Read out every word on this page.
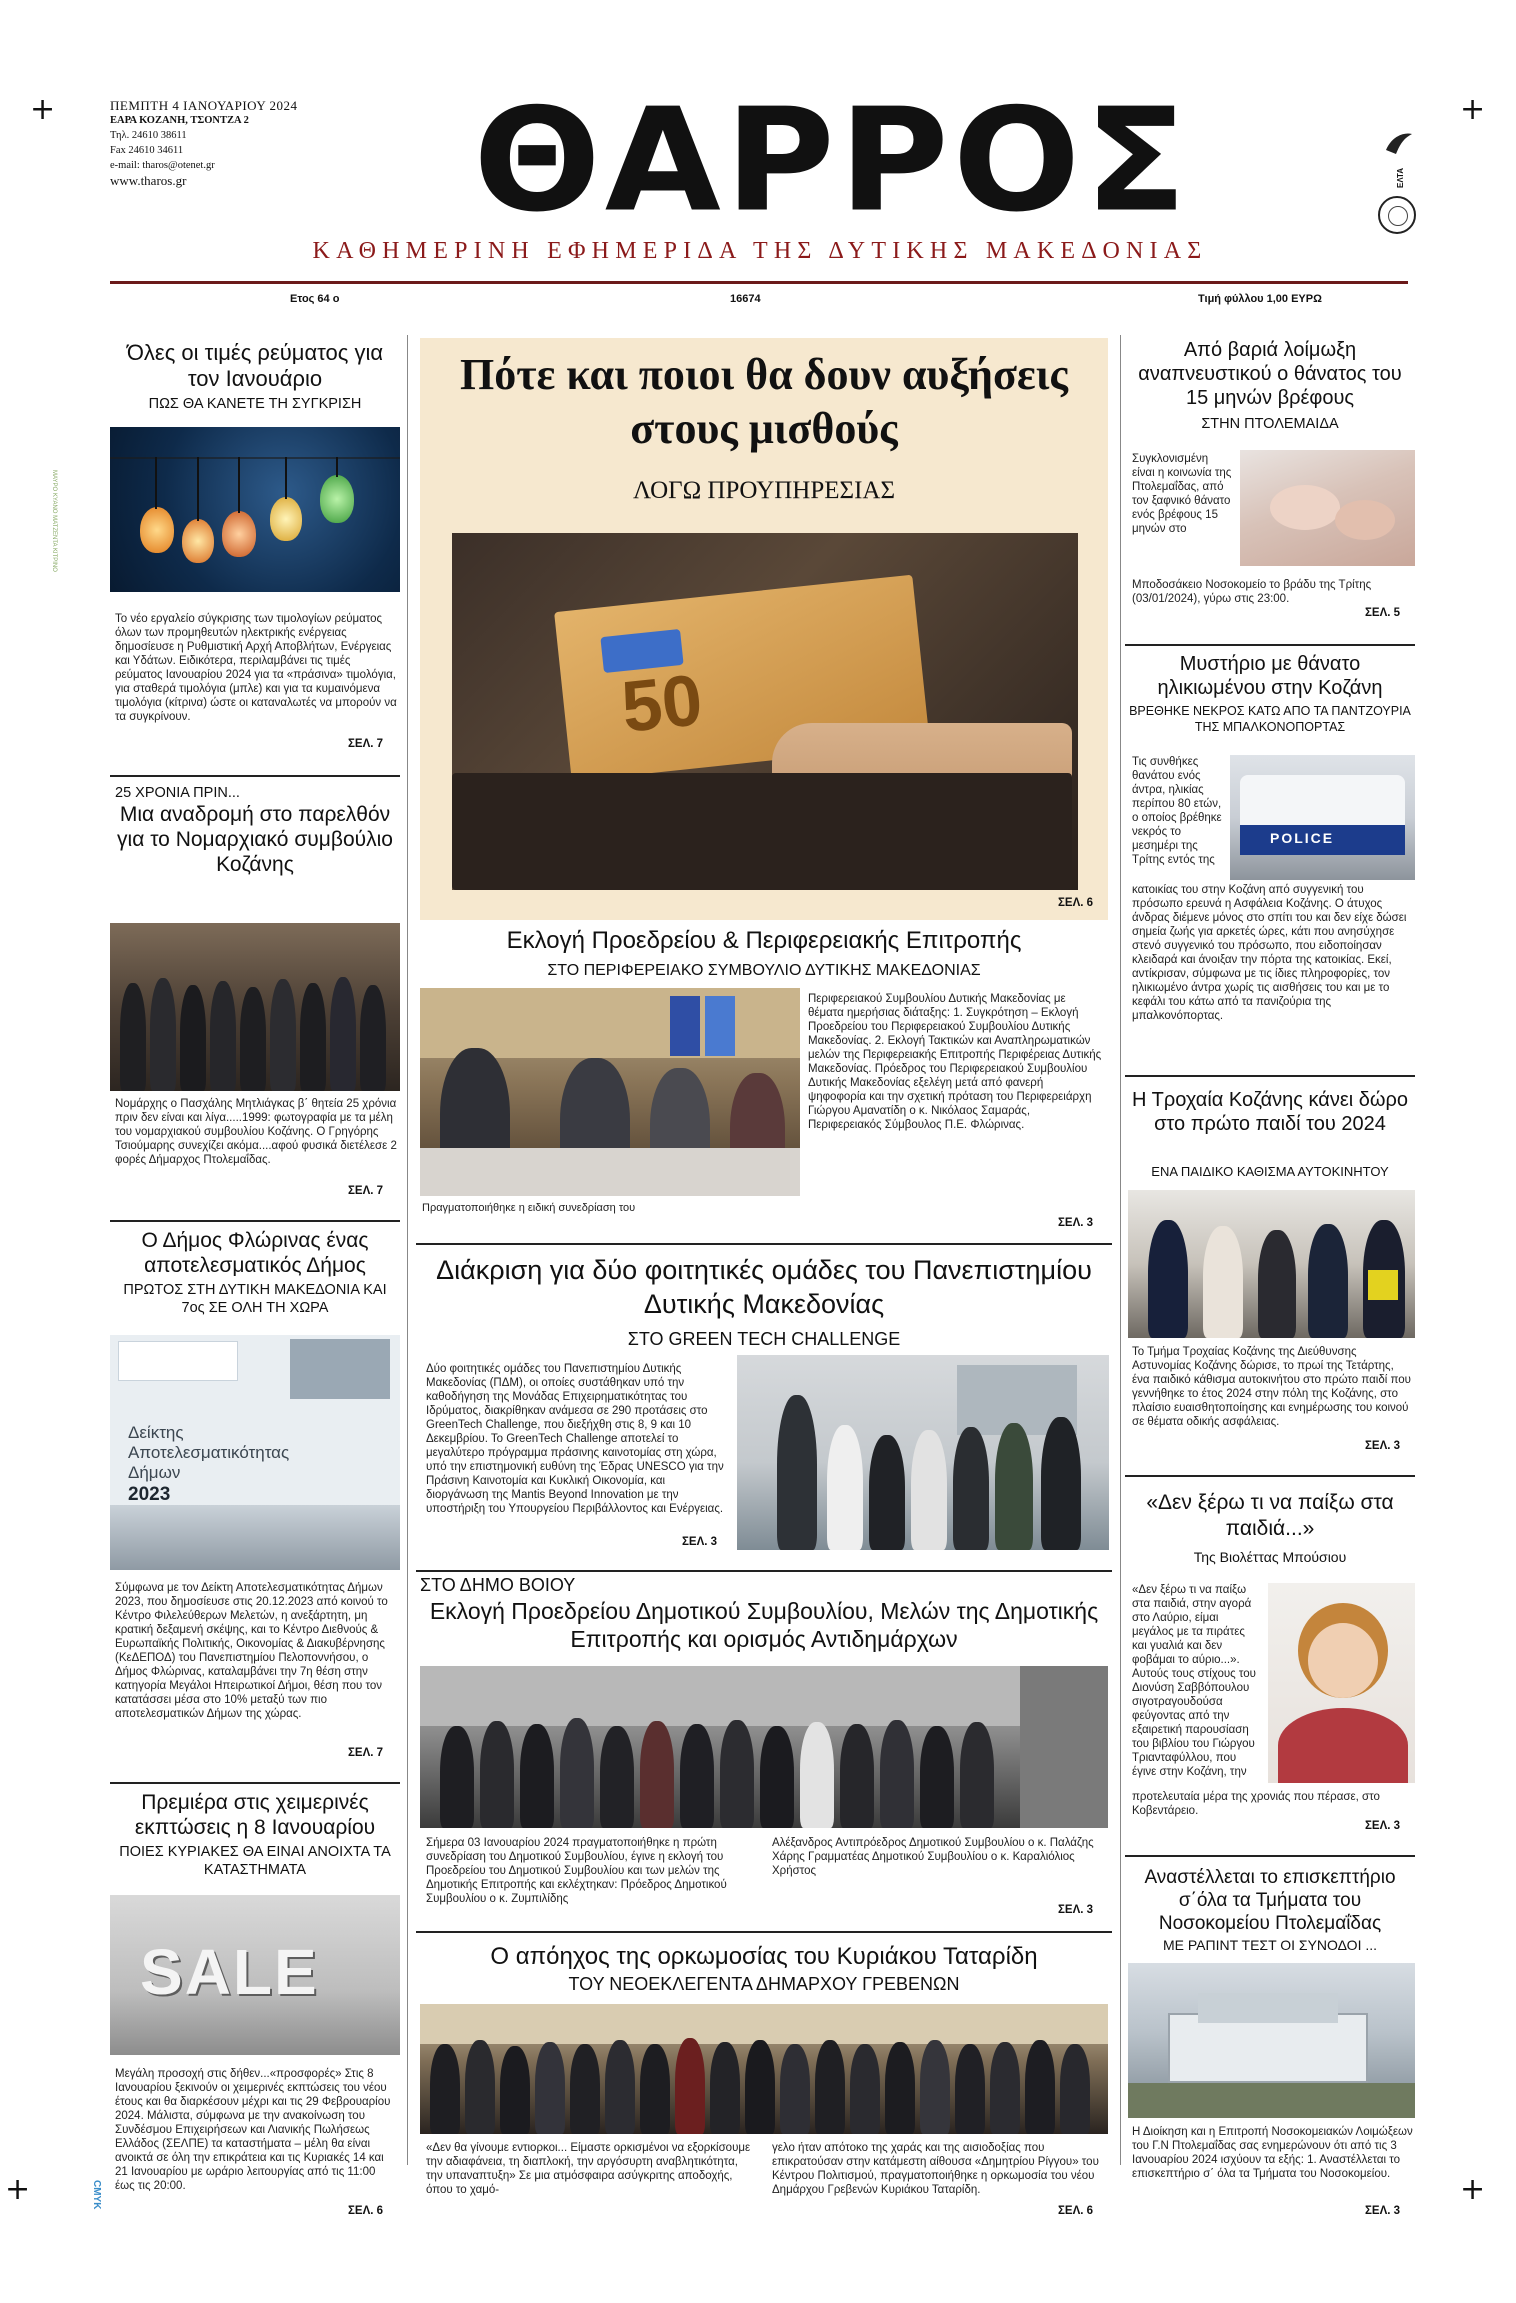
+	+
+	+
ΜΑΥΡΟ ΚΥΑΝΟ ΜΑΤΖΕΝΤΑ ΚΙΤΡΙΝΟ
CMYK
ΠΕΜΠΤΗ 4 ΙΑΝΟΥΑΡΙΟΥ 2024
ΕΑΡΑ ΚΟΖΑΝΗ, ΤΣΟΝΤΖΑ 2
Τηλ. 24610 38611
Fax 24610 34611
e-mail: tharos@otenet.gr
www.tharos.gr	ΘΑΡΡΟΣ	ΕΛΤΑ
ΚΑΘΗΜΕΡΙΝΗ ΕΦΗΜΕΡΙΔΑ ΤΗΣ ΔΥΤΙΚΗΣ ΜΑΚΕΔΟΝΙΑΣ
Ετος 64 ο	16674	Τιμή φύλλου 1,00 ΕΥΡΩ
Όλες οι τιμές ρεύματος για τον Ιανουάριο
ΠΩΣ ΘΑ ΚΑΝΕΤΕ ΤΗ ΣΥΓΚΡΙΣΗ
Το νέο εργαλείο σύγκρισης των τιμολογίων ρεύματος όλων των προμηθευτών ηλεκτρικής ενέργειας δημοσίευσε η Ρυθμιστική Αρχή Αποβλήτων, Ενέργειας και Υδάτων. Ειδικότερα, περιλαμβάνει τις τιμές ρεύματος Ιανουαρίου 2024 για τα «πράσινα» τιμολόγια, για σταθερά τιμολόγια (μπλε) και για τα κυμαινόμενα τιμολόγια (κίτρινα) ώστε οι καταναλωτές να μπορούν να τα συγκρίνουν.
ΣΕΛ. 7
25 ΧΡΟΝΙΑ ΠΡΙΝ...
Μια αναδρομή στο παρελθόν για το Νομαρχιακό συμβούλιο Κοζάνης
Νομάρχης ο Πασχάλης Μητλιάγκας β΄ θητεία 25 χρόνια πριν δεν είναι και λίγα.....1999: φωτογραφία με τα μέλη του νομαρχιακού συμβουλίου Κοζάνης. Ο Γρηγόρης Τσιούμαρης συνεχίζει ακόμα....αφού φυσικά διετέλεσε 2 φορές Δήμαρχος Πτολεμαΐδας.
ΣΕΛ. 7
Ο Δήμος Φλώρινας ένας αποτελεσματικός Δήμος
ΠΡΩΤΟΣ ΣΤΗ ΔΥΤΙΚΗ ΜΑΚΕΔΟΝΙΑ ΚΑΙ 7ος ΣΕ ΟΛΗ ΤΗ ΧΩΡΑ
Δείκτης
Αποτελεσματικότητας
Δήμων
2023
Σύμφωνα με τον Δείκτη Αποτελεσματικότητας Δήμων 2023, που δημοσίευσε στις 20.12.2023 από κοινού το Κέντρο Φιλελεύθερων Μελετών, η ανεξάρτητη, μη κρατική δεξαμενή σκέψης, και το Κέντρο Διεθνούς & Ευρωπαϊκής Πολιτικής, Οικονομίας & Διακυβέρνησης (ΚεΔΕΠΟΔ) του Πανεπιστημίου Πελοποννήσου, ο Δήμος Φλώρινας, καταλαμβάνει την 7η θέση στην κατηγορία Μεγάλοι Ηπειρωτικοί Δήμοι, θέση που τον κατατάσσει μέσα στο 10% μεταξύ των πιο αποτελεσματικών Δήμων της χώρας.
ΣΕΛ. 7
Πρεμιέρα στις χειμερινές εκπτώσεις η 8 Ιανουαρίου
ΠΟΙΕΣ ΚΥΡΙΑΚΕΣ ΘΑ ΕΙΝΑΙ ΑΝΟΙΧΤΑ ΤΑ ΚΑΤΑΣΤΗΜΑΤΑ
SALE
Μεγάλη προσοχή στις δήθεν...«προσφορές» Στις 8 Ιανουαρίου ξεκινούν οι χειμερινές εκπτώσεις του νέου έτους και θα διαρκέσουν μέχρι και τις 29 Φεβρουαρίου 2024. Μάλιστα, σύμφωνα με την ανακοίνωση του Συνδέσμου Επιχειρήσεων και Λιανικής Πωλήσεως Ελλάδος (ΣΕΛΠΕ) τα καταστήματα – μέλη θα είναι ανοικτά σε όλη την επικράτεια και τις Κυριακές 14 και 21 Ιανουαρίου με ωράριο λειτουργίας από τις 11:00 έως τις 20:00.
ΣΕΛ. 6
Πότε και ποιοι θα δουν αυξήσεις στους μισθούς
ΛΟΓΩ ΠΡΟΥΠΗΡΕΣΙΑΣ
50
ΣΕΛ. 6
Εκλογή Προεδρείου & Περιφερειακής Επιτροπής
ΣΤΟ ΠΕΡΙΦΕΡΕΙΑΚΟ ΣΥΜΒΟΥΛΙΟ ΔΥΤΙΚΗΣ ΜΑΚΕΔΟΝΙΑΣ
Πραγματοποιήθηκε η ειδική συνεδρίαση του
Περιφερειακού Συμβουλίου Δυτικής Μακεδονίας με θέματα ημερήσιας διάταξης: 1. Συγκρότηση – Εκλογή Προεδρείου του Περιφερειακού Συμβουλίου Δυτικής Μακεδονίας. 2. Εκλογή Τακτικών και Αναπληρωματικών μελών της Περιφερειακής Επιτροπής Περιφέρειας Δυτικής Μακεδονίας. Πρόεδρος του Περιφερειακού Συμβουλίου Δυτικής Μακεδονίας εξελέγη μετά από φανερή ψηφοφορία και την σχετική πρόταση του Περιφερειάρχη Γιώργου Αμανατίδη ο κ. Νικόλαος Σαμαράς, Περιφερειακός Σύμβουλος Π.Ε. Φλώρινας.
ΣΕΛ. 3
Διάκριση για δύο φοιτητικές ομάδες του Πανεπιστημίου Δυτικής Μακεδονίας
ΣΤΟ GREEN TECH CHALLENGE
Δύο φοιτητικές ομάδες του Πανεπιστημίου Δυτικής Μακεδονίας (ΠΔΜ), οι οποίες συστάθηκαν υπό την καθοδήγηση της Μονάδας Επιχειρηματικότητας του Ιδρύματος, διακρίθηκαν ανάμεσα σε 290 προτάσεις στο GreenTech Challenge, που διεξήχθη στις 8, 9 και 10 Δεκεμβρίου. Το GreenTech Challenge αποτελεί το μεγαλύτερο πρόγραμμα πράσινης καινοτομίας στη χώρα, υπό την επιστημονική ευθύνη της Έδρας UNESCO για την Πράσινη Καινοτομία και Κυκλική Οικονομία, και διοργάνωση της Mantis Beyond Innovation με την υποστήριξη του Υπουργείου Περιβάλλοντος και Ενέργειας.
ΣΕΛ. 3
ΣΤΟ ΔΗΜΟ ΒΟΙΟΥ
Εκλογή Προεδρείου Δημοτικού Συμβουλίου, Μελών της Δημοτικής Επιτροπής και ορισμός Αντιδημάρχων
Σήμερα 03 Ιανουαρίου 2024 πραγματοποιήθηκε η πρώτη συνεδρίαση του Δημοτικού Συμβουλίου, έγινε η εκλογή του Προεδρείου του Δημοτικού Συμβουλίου και των μελών της Δημοτικής Επιτροπής και εκλέχτηκαν: Πρόεδρος Δημοτικού Συμβουλίου ο κ. Ζυμπιλίδης
Αλέξανδρος Αντιπρόεδρος Δημοτικού Συμβουλίου ο κ. Παλάζης Χάρης Γραμματέας Δημοτικού Συμβουλίου ο κ. Καραλιόλιος Χρήστος
ΣΕΛ. 3
Ο απόηχος της ορκωμοσίας του Κυριάκου Ταταρίδη
ΤΟΥ ΝΕΟΕΚΛΕΓΕΝΤΑ ΔΗΜΑΡΧΟΥ ΓΡΕΒΕΝΩΝ
«Δεν θα γίνουμε εντιορκοι... Είμαστε ορκισμένοι να εξορκίσουμε την αδιαφάνεια, τη διαπλοκή, την αργόσυρτη αναβλητικότητα, την υπαναπτυξη» Σε μια ατμόσφαιρα ασύγκριτης αποδοχής, όπου το χαμό-
γελο ήταν απότοκο της χαράς και της αισιοδοξίας που επικρατούσαν στην κατάμεστη αίθουσα «Δημητρίου Ρίγγου» του Κέντρου Πολιτισμού, πραγματοποιήθηκε η ορκωμοσία του νέου Δημάρχου Γρεβενών Κυριάκου Ταταρίδη.
ΣΕΛ. 6
Από βαριά λοίμωξη αναπνευστικού ο θάνατος του 15 μηνών βρέφους
ΣΤΗΝ ΠΤΟΛΕΜΑΙΔΑ
Συγκλονισμένη είναι η κοινωνία της Πτολεμαΐδας, από τον ξαφνικό θάνατο ενός βρέφους 15 μηνών στο
Μποδοσάκειο Νοσοκομείο το βράδυ της Τρίτης (03/01/2024), γύρω στις 23:00.
ΣΕΛ. 5
Μυστήριο με θάνατο ηλικιωμένου στην Κοζάνη
ΒΡΕΘΗΚΕ ΝΕΚΡΟΣ ΚΑΤΩ ΑΠΟ ΤΑ ΠΑΝΤΖΟΥΡΙΑ ΤΗΣ ΜΠΑΛΚΟΝΟΠΟΡΤΑΣ
Τις συνθήκες θανάτου ενός άντρα, ηλικίας περίπου 80 ετών, ο οποίος βρέθηκε νεκρός το μεσημέρι της Τρίτης εντός της
POLICE
κατοικίας του στην Κοζάνη από συγγενική του πρόσωπο ερευνά η Ασφάλεια Κοζάνης. Ο άτυχος άνδρας διέμενε μόνος στο σπίτι του και δεν είχε δώσει σημεία ζωής για αρκετές ώρες, κάτι που ανησύχησε στενό συγγενικό του πρόσωπο, που ειδοποίησαν κλειδαρά και άνοιξαν την πόρτα της κατοικίας. Εκεί, αντίκρισαν, σύμφωνα με τις ίδιες πληροφορίες, τον ηλικιωμένο άντρα χωρίς τις αισθήσεις του και με το κεφάλι του κάτω από τα πανιζούρια της μπαλκονόπορτας.
Η Τροχαία Κοζάνης κάνει δώρο στο πρώτο παιδί του 2024
ΕΝΑ ΠΑΙΔΙΚΟ ΚΑΘΙΣΜΑ ΑΥΤΟΚΙΝΗΤΟΥ
Το Τμήμα Τροχαίας Κοζάνης της Διεύθυνσης Αστυνομίας Κοζάνης δώρισε, το πρωί της Τετάρτης, ένα παιδικό κάθισμα αυτοκινήτου στο πρώτο παιδί που γεννήθηκε το έτος 2024 στην πόλη της Κοζάνης, στο πλαίσιο ευαισθητοποίησης και ενημέρωσης του κοινού σε θέματα οδικής ασφάλειας.
ΣΕΛ. 3
«Δεν ξέρω τι να παίξω στα παιδιά...»
Της Βιολέττας Μπούσιου
«Δεν ξέρω τι να παίξω στα παιδιά, στην αγορά στο Λαύριο, είμαι μεγάλος με τα πιράτες και γυαλιά και δεν φοβάμαι το αύριο...». Αυτούς τους στίχους του Διονύση Σαββόπουλου σιγοτραγουδούσα φεύγοντας από την εξαιρετική παρουσίαση του βιβλίου του Γιώργου Τριανταφύλλου, που έγινε στην Κοζάνη, την
προτελευταία μέρα της χρονιάς που πέρασε, στο Κοβεντάρειο.
ΣΕΛ. 3
Αναστέλλεται το επισκεπτήριο σ΄όλα τα Τμήματα του Νοσοκομείου Πτολεμαΐδας
ΜΕ ΡΑΠΙΝΤ ΤΕΣΤ ΟΙ ΣΥΝΟΔΟΙ ...
Η Διοίκηση και η Επιτροπή Νοσοκομειακών Λοιμώξεων του Γ.Ν Πτολεμαΐδας σας ενημερώνουν ότι από τις 3 Ιανουαρίου 2024 ισχύουν τα εξής: 1. Αναστέλλεται το επισκεπτήριο σ΄ όλα τα Τμήματα του Νοσοκομείου.
ΣΕΛ. 3
